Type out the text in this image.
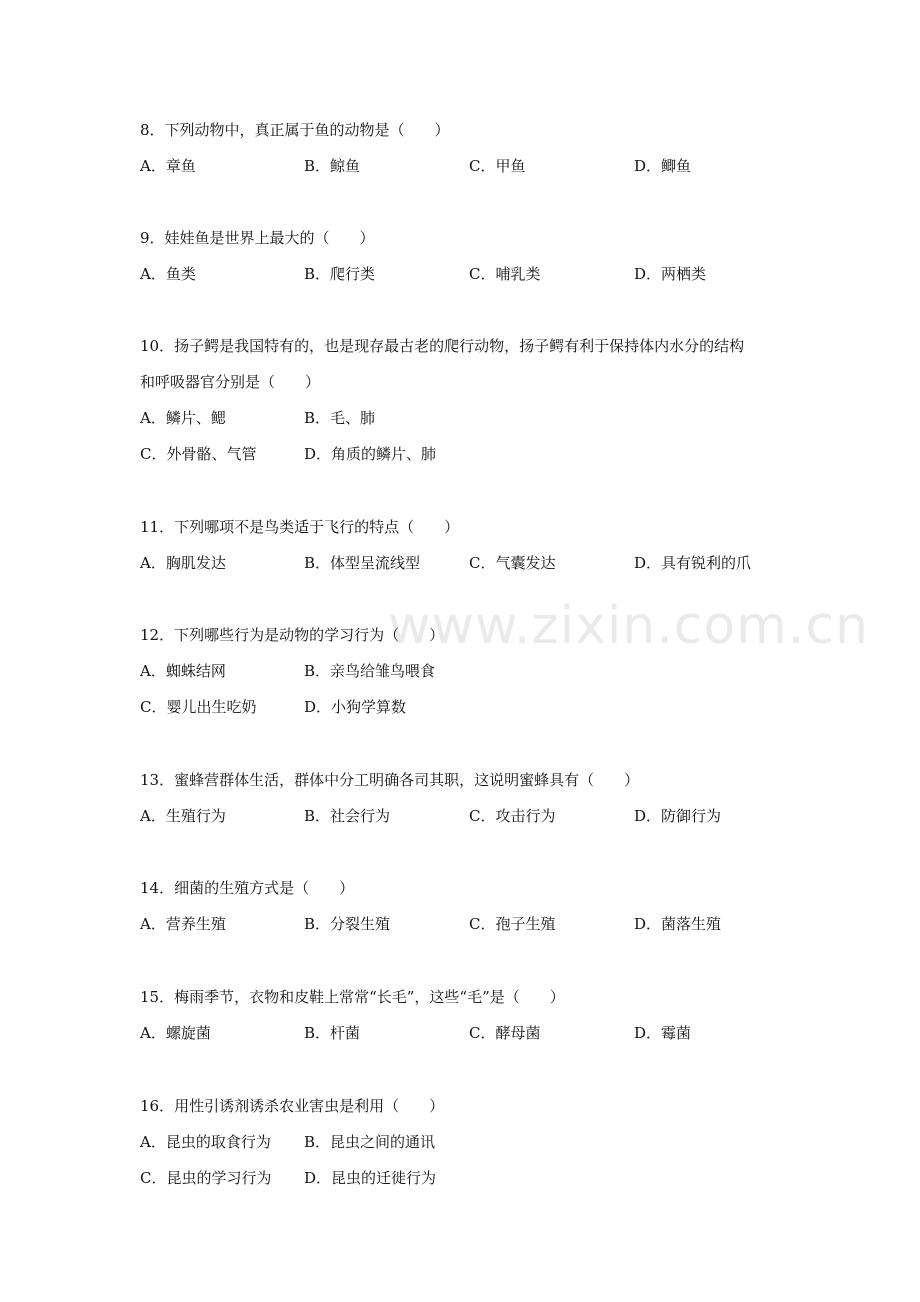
www.zixin.com.cn
8．下列动物中，真正属于鱼的动物是（　　）
A．章鱼	B．鲸鱼	C．甲鱼	D．鲫鱼
9．娃娃鱼是世界上最大的（　　）
A．鱼类	B．爬行类	C．哺乳类	D．两栖类
10．扬子鳄是我国特有的，也是现存最古老的爬行动物，扬子鳄有利于保持体内水分的结构
和呼吸器官分别是（　　）
A．鳞片、鳃	B．毛、肺
C．外骨骼、气管	D．角质的鳞片、肺
11．下列哪项不是鸟类适于飞行的特点（　　）
A．胸肌发达	B．体型呈流线型	C．气囊发达	D．具有锐利的爪
12．下列哪些行为是动物的学习行为（　　）
A．蜘蛛结网	B．亲鸟给雏鸟喂食
C．婴儿出生吃奶	D．小狗学算数
13．蜜蜂营群体生活，群体中分工明确各司其职，这说明蜜蜂具有（　　）
A．生殖行为	B．社会行为	C．攻击行为	D．防御行为
14．细菌的生殖方式是（　　）
A．营养生殖	B．分裂生殖	C．孢子生殖	D．菌落生殖
15．梅雨季节，衣物和皮鞋上常常“长毛”，这些“毛”是（　　）
A．螺旋菌	B．杆菌	C．酵母菌	D．霉菌
16．用性引诱剂诱杀农业害虫是利用（　　）
A．昆虫的取食行为 B．昆虫之间的通讯
C．昆虫的学习行为 D．昆虫的迁徙行为
